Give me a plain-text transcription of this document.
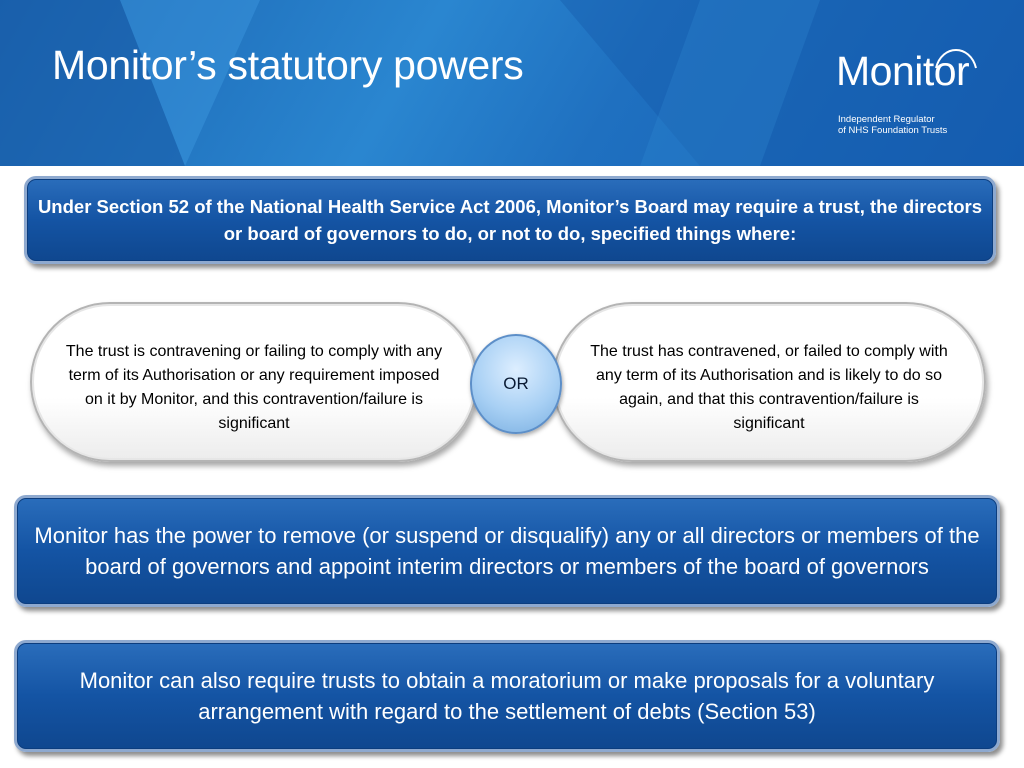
Monitor’s statutory powers	Monitor
Independent Regulator
of NHS Foundation Trusts
Under Section 52 of the National Health Service Act 2006, Monitor’s Board may require a trust, the directors or board of governors to do, or not to do, specified things where:
The trust is contravening or failing to comply with any term of its Authorisation or any requirement imposed on it by Monitor, and this contravention/failure is significant
The trust has contravened, or failed to comply with any term of its Authorisation and is likely to do so again, and that this contravention/failure is significant
OR
Monitor has the power to remove (or suspend or disqualify) any or all directors or members of the board of governors and appoint interim directors or members of the board of governors
Monitor can also require trusts to obtain a moratorium or make proposals for a voluntary arrangement with regard to the settlement of debts (Section 53)
